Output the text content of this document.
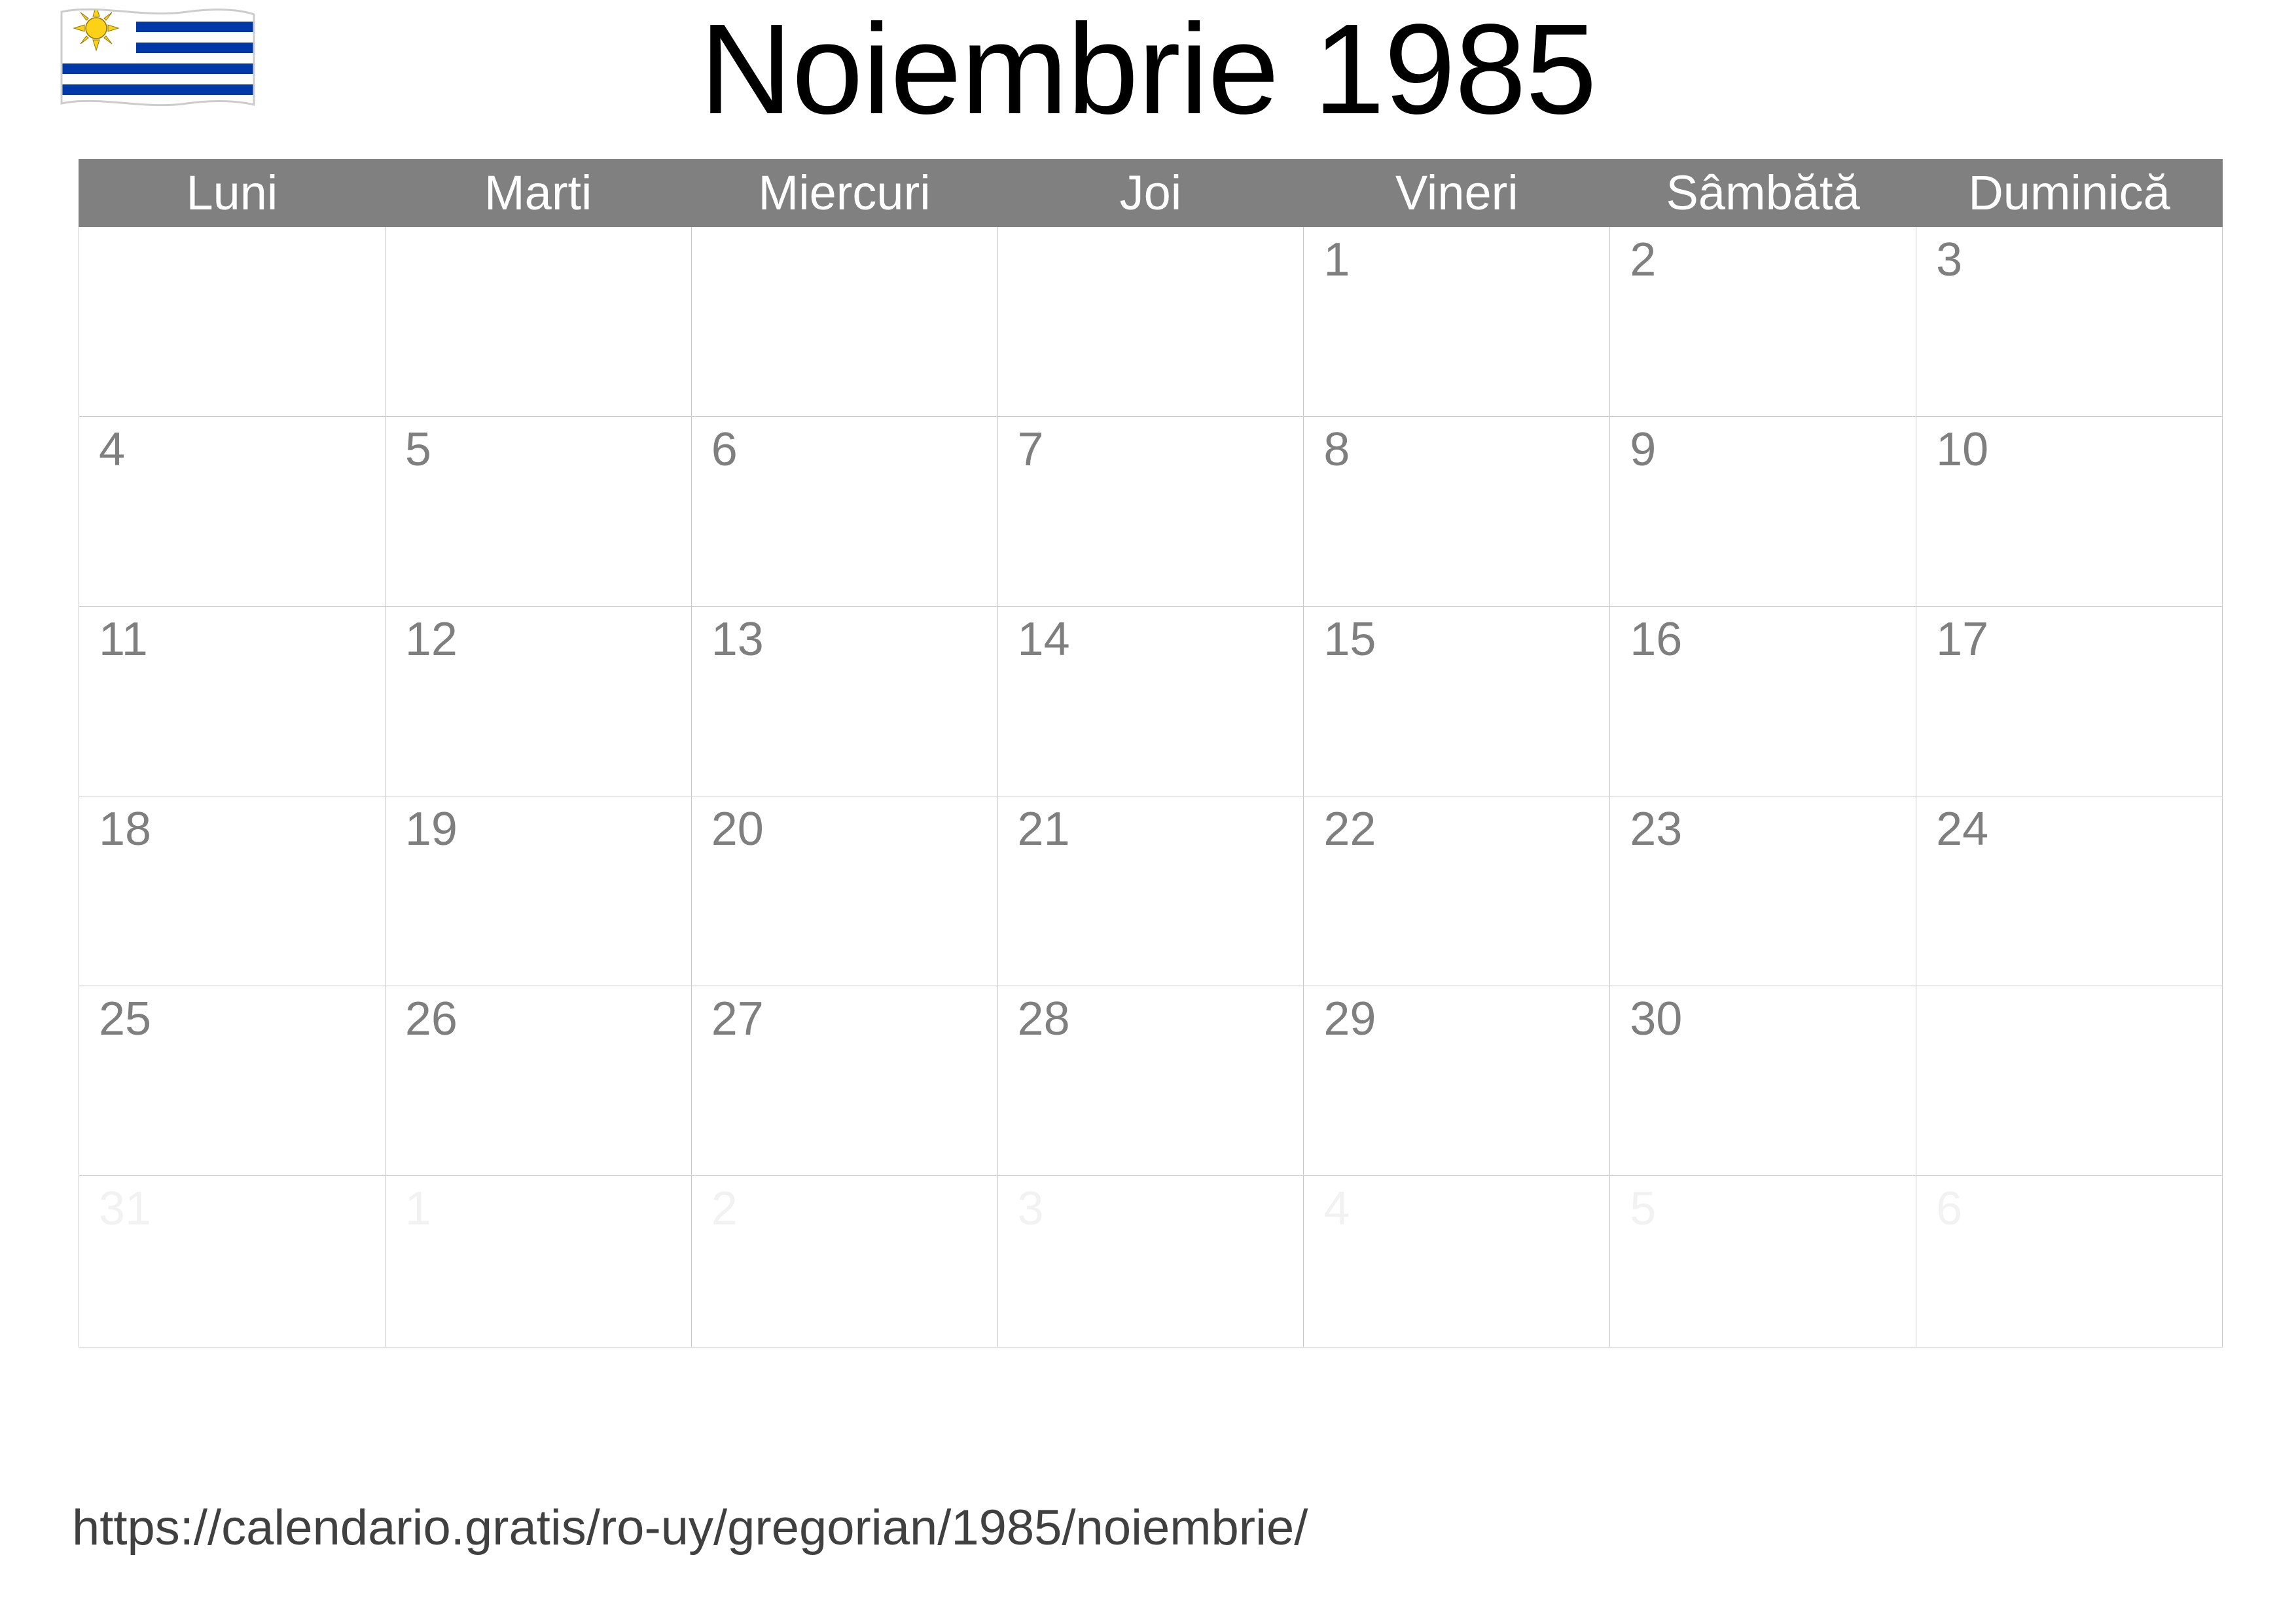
Noiembrie 1985
Luni	Marti	Miercuri	Joi	Vineri	Sâmbătă	Duminică
				1	2	3
4	5	6	7	8	9	10
11	12	13	14	15	16	17
18	19	20	21	22	23	24
25	26	27	28	29	30	
31	1	2	3	4	5	6
https://calendario.gratis/ro-uy/gregorian/1985/noiembrie/
